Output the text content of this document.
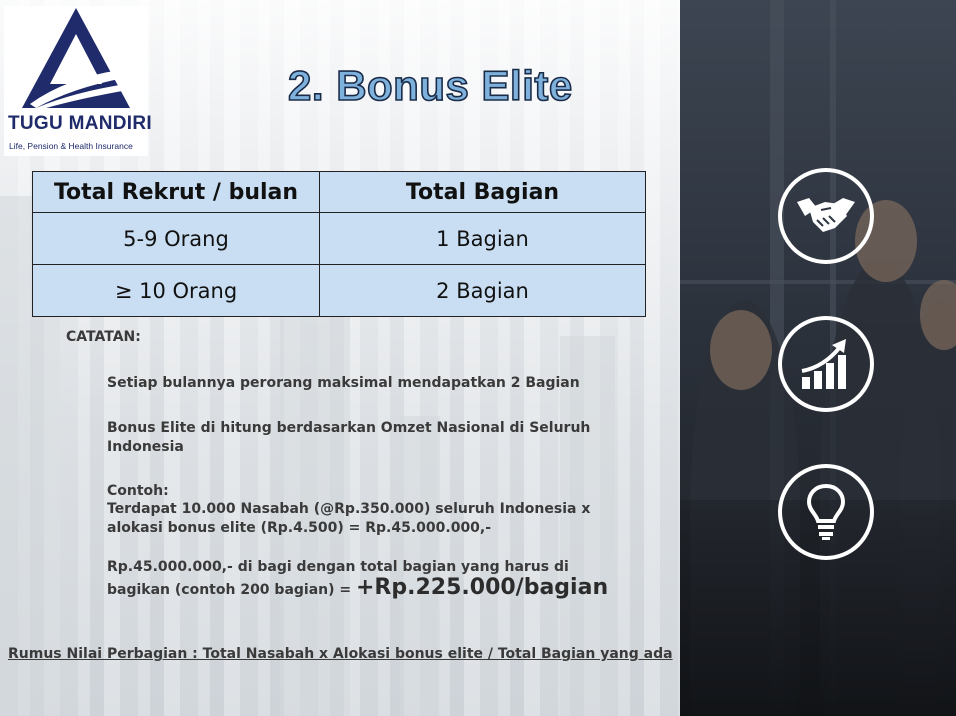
TUGU MANDIRI
Life, Pension & Health Insurance
2. Bonus Elite
Total Rekrut / bulan	Total Bagian
5-9 Orang	1 Bagian
≥ 10 Orang	2 Bagian
CATATAN:
Setiap bulannya perorang maksimal mendapatkan 2 Bagian
Bonus Elite di hitung berdasarkan Omzet Nasional di Seluruh
Indonesia
Contoh:
Terdapat 10.000 Nasabah (@Rp.350.000) seluruh Indonesia x
alokasi bonus elite (Rp.4.500) = Rp.45.000.000,-
Rp.45.000.000,- di bagi dengan total bagian yang harus di
bagikan (contoh 200 bagian) = +Rp.225.000/bagian
Rumus Nilai Perbagian : Total Nasabah x Alokasi bonus elite / Total Bagian yang ada
